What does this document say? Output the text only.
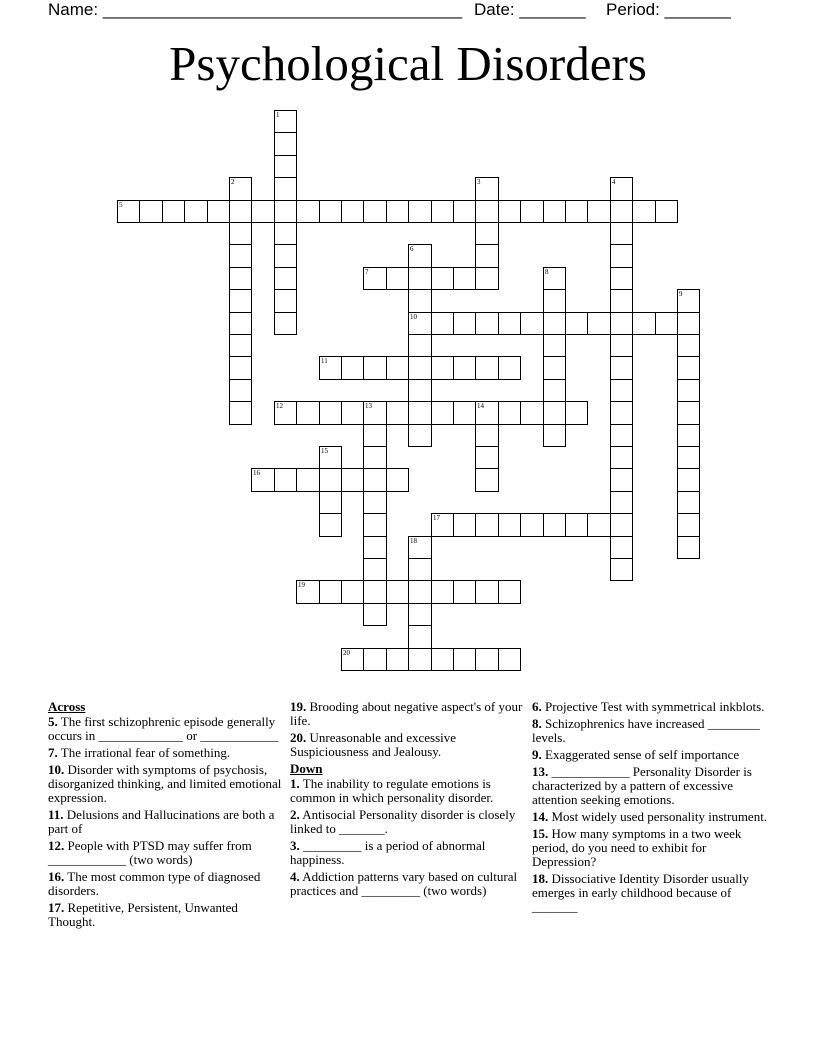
Name: ______________________________________ Date: _______ Period: _______
Psychological Disorders
1
2	3	4
5
6
10
7	8
9
11
12	13	14
15
16
17
18
19
20
Across
5. The first schizophrenic episode generally occurs in _____________ or ____________
7. The irrational fear of something.
10. Disorder with symptoms of psychosis, disorganized thinking, and limited emotional expression.
11. Delusions and Hallucinations are both a part of
12. People with PTSD may suffer from ____________ (two words)
16. The most common type of diagnosed disorders.
17. Repetitive, Persistent, Unwanted Thought.
19. Brooding about negative aspect's of your life.
20. Unreasonable and excessive Suspiciousness and Jealousy.
Down
1. The inability to regulate emotions is common in which personality disorder.
2. Antisocial Personality disorder is closely linked to _______.
3. _________ is a period of abnormal happiness.
4. Addiction patterns vary based on cultural practices and _________ (two words)
6. Projective Test with symmetrical inkblots.
8. Schizophrenics have increased ________ levels.
9. Exaggerated sense of self importance
13. ____________ Personality Disorder is characterized by a pattern of excessive attention seeking emotions.
14. Most widely used personality instrument.
15. How many symptoms in a two week period, do you need to exhibit for Depression?
18. Dissociative Identity Disorder usually emerges in early childhood because of _______
